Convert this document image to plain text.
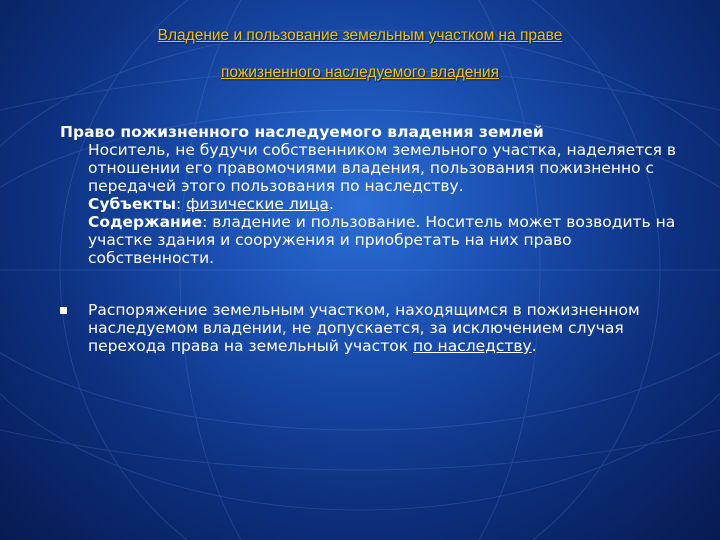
Владение и пользование земельным участком на праве
пожизненного наследуемого владения

Право пожизненного наследуемого владения землей

Носитель, не будучи собственником земельного участка, наделяется в отношении его правомочиями владения, пользования пожизненно с передачей этого пользования по наследству.

Субъекты: физические лица.

Содержание: владение и пользование. Носитель может возводить на участке здания и сооружения и приобретать на них право собственности.

Распоряжение земельным участком, находящимся в пожизненном наследуемом владении, не допускается, за исключением случая перехода права на земельный участок по наследству.
